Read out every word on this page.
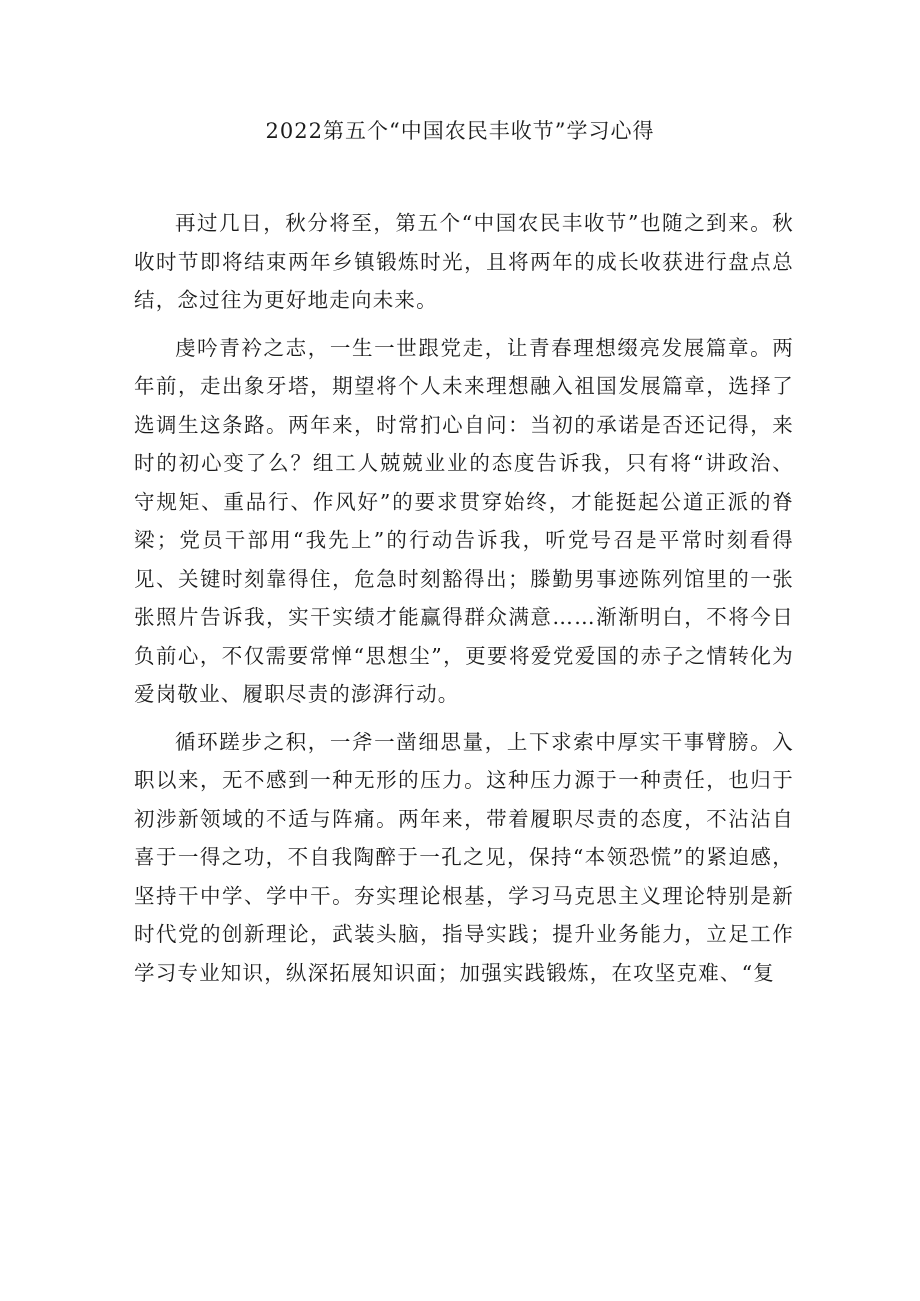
2022第五个“中国农民丰收节”学习心得

再过几日，秋分将至，第五个“中国农民丰收节”也随之到来。秋收时节即将结束两年乡镇锻炼时光，且将两年的成长收获进行盘点总结，念过往为更好地走向未来。

虔吟青衿之志，一生一世跟党走，让青春理想缀亮发展篇章。两年前，走出象牙塔，期望将个人未来理想融入祖国发展篇章，选择了选调生这条路。两年来，时常扪心自问：当初的承诺是否还记得，来时的初心变了么？组工人兢兢业业的态度告诉我，只有将“讲政治、守规矩、重品行、作风好”的要求贯穿始终，才能挺起公道正派的脊梁；党员干部用“我先上”的行动告诉我，听党号召是平常时刻看得见、关键时刻靠得住，危急时刻豁得出；滕勤男事迹陈列馆里的一张张照片告诉我，实干实绩才能赢得群众满意……渐渐明白，不将今日负前心，不仅需要常惮“思想尘”，更要将爱党爱国的赤子之情转化为爱岗敬业、履职尽责的澎湃行动。

循环蹉步之积，一斧一凿细思量，上下求索中厚实干事臂膀。入职以来，无不感到一种无形的压力。这种压力源于一种责任，也归于初涉新领域的不适与阵痛。两年来，带着履职尽责的态度，不沾沾自喜于一得之功，不自我陶醉于一孔之见，保持“本领恐慌”的紧迫感，坚持干中学、学中干。夯实理论根基，学习马克思主义理论特别是新时代党的创新理论，武装头脑，指导实践；提升业务能力，立足工作学习专业知识，纵深拓展知识面；加强实践锻炼，在攻坚克难、“复
